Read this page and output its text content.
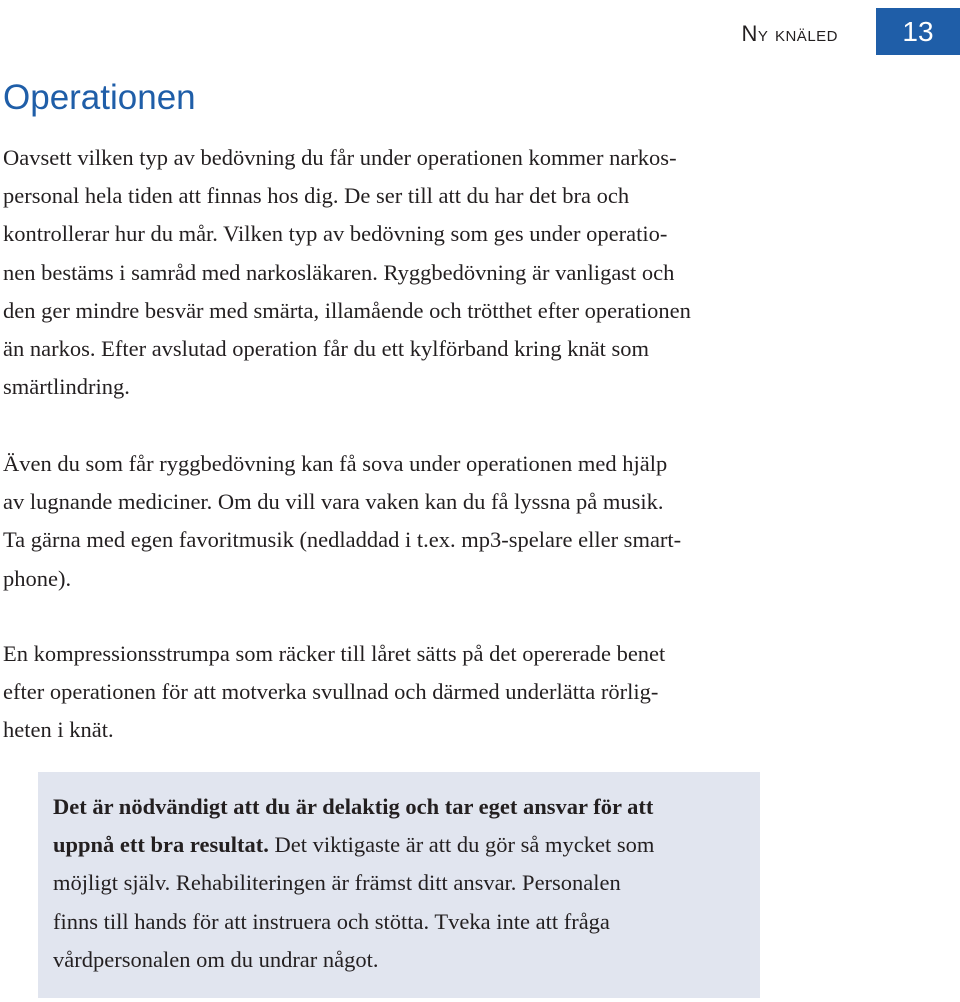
Ny knäled	13
Operationen

Oavsett vilken typ av bedövning du får under operationen kommer narkos-
personal hela tiden att finnas hos dig. De ser till att du har det bra och
kontrollerar hur du mår. Vilken typ av bedövning som ges under operatio-
nen bestäms i samråd med narkosläkaren. Ryggbedövning är vanligast och
den ger mindre besvär med smärta, illamående och trötthet efter operationen
än narkos. Efter avslutad operation får du ett kylförband kring knät som
smärtlindring.

Även du som får ryggbedövning kan få sova under operationen med hjälp
av lugnande mediciner. Om du vill vara vaken kan du få lyssna på musik.
Ta gärna med egen favoritmusik (nedladdad i t.ex. mp3-spelare eller smart-
phone).

En kompressionsstrumpa som räcker till låret sätts på det opererade benet
efter operationen för att motverka svullnad och därmed underlätta rörlig-
heten i knät.

Det är nödvändigt att du är delaktig och tar eget ansvar för att
uppnå ett bra resultat. Det viktigaste är att du gör så mycket som
möjligt själv. Rehabiliteringen är främst ditt ansvar. Personalen
finns till hands för att instruera och stötta. Tveka inte att fråga
vårdpersonalen om du undrar något.
